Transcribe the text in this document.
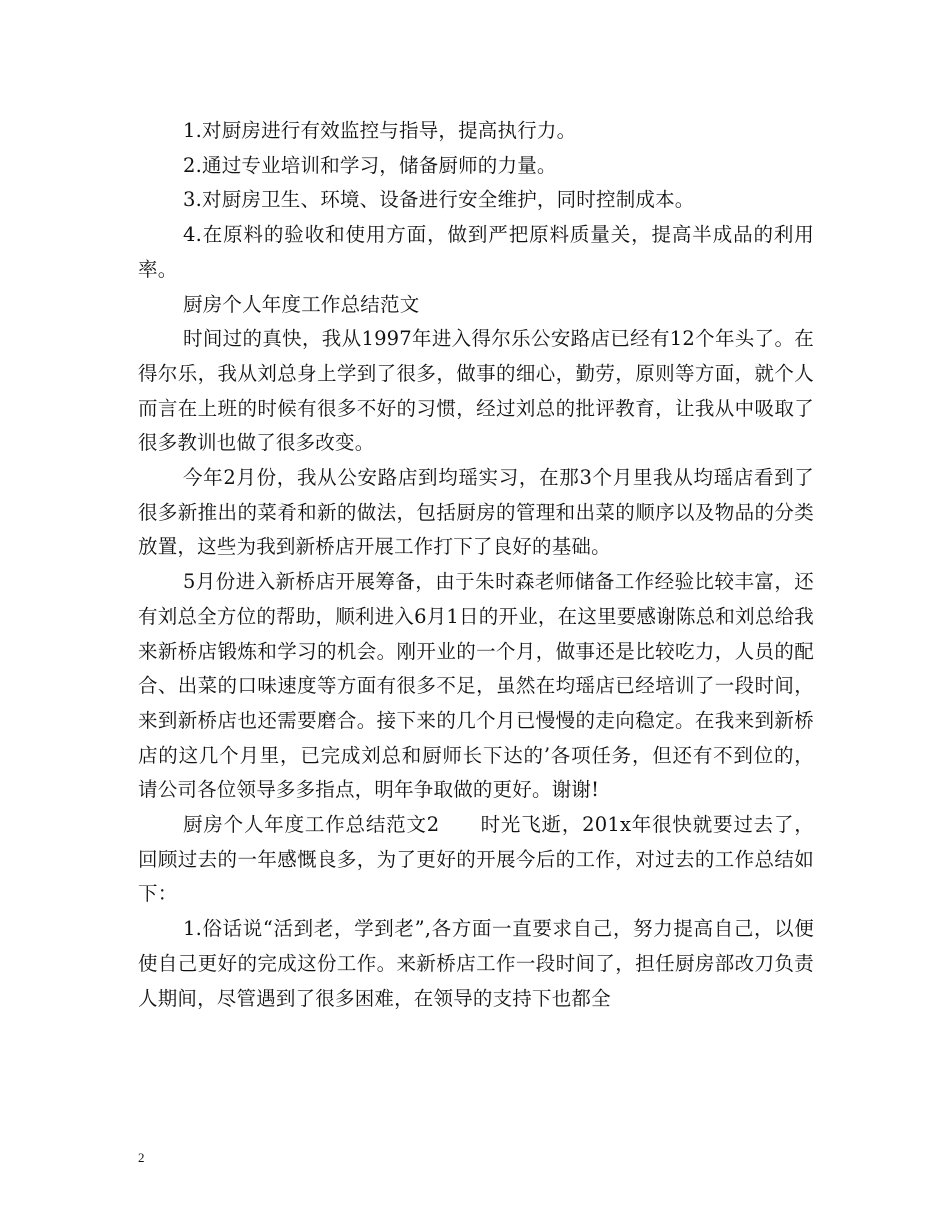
1.对厨房进行有效监控与指导，提高执行力。

2.通过专业培训和学习，储备厨师的力量。

3.对厨房卫生、环境、设备进行安全维护，同时控制成本。

4.在原料的验收和使用方面，做到严把原料质量关，提高半成品的利用率。

厨房个人年度工作总结范文

时间过的真快，我从1997年进入得尔乐公安路店已经有12个年头了。在得尔乐，我从刘总身上学到了很多，做事的细心，勤劳，原则等方面，就个人而言在上班的时候有很多不好的习惯，经过刘总的批评教育，让我从中吸取了很多教训也做了很多改变。

今年2月份，我从公安路店到均瑶实习，在那3个月里我从均瑶店看到了很多新推出的菜肴和新的做法，包括厨房的管理和出菜的顺序以及物品的分类放置，这些为我到新桥店开展工作打下了良好的基础。

5月份进入新桥店开展筹备，由于朱时森老师储备工作经验比较丰富，还有刘总全方位的帮助，顺利进入6月1日的开业，在这里要感谢陈总和刘总给我来新桥店锻炼和学习的机会。刚开业的一个月，做事还是比较吃力，人员的配合、出菜的口味速度等方面有很多不足，虽然在均瑶店已经培训了一段时间，来到新桥店也还需要磨合。接下来的几个月已慢慢的走向稳定。在我来到新桥店的这几个月里，已完成刘总和厨师长下达的’各项任务，但还有不到位的，请公司各位领导多多指点，明年争取做的更好。谢谢!

厨房个人年度工作总结范文2　　时光飞逝，201x年很快就要过去了，回顾过去的一年感慨良多，为了更好的开展今后的工作，对过去的工作总结如下：

1.俗话说“活到老，学到老”,各方面一直要求自己，努力提高自己，以便使自己更好的完成这份工作。来新桥店工作一段时间了，担任厨房部改刀负责人期间，尽管遇到了很多困难，在领导的支持下也都全

2
